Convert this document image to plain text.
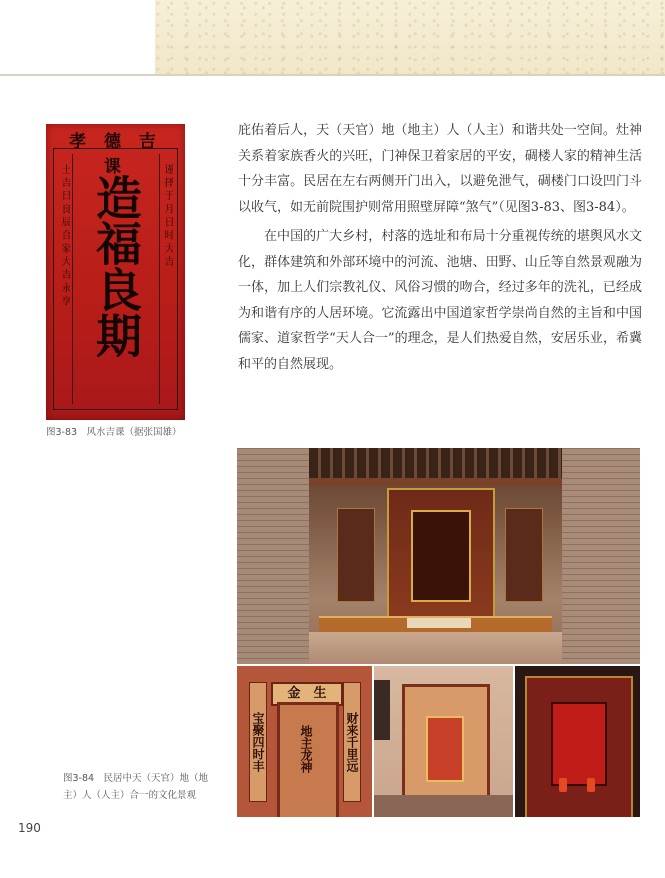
孝 德 吉 课
土 吉 日 良 辰 合 家 大 吉 永 享	谨 择 于 月 日 时 大 吉
造福良期
图3-83　风水吉课（据张国雄）

庇佑着后人，天（天官）地（地主）人（人主）和谐共处一空间。灶神关系着家族香火的兴旺，门神保卫着家居的平安，碉楼人家的精神生活十分丰富。民居在左右两侧开门出入，以避免泄气，碉楼门口设凹门斗以收气，如无前院围护则常用照壁屏障“煞气”（见图3-83、图3-84）。

在中国的广大乡村，村落的选址和布局十分重视传统的堪舆风水文化，群体建筑和外部环境中的河流、池塘、田野、山丘等自然景观融为一体，加上人们宗教礼仪、风俗习惯的吻合，经过多年的洗礼，已经成为和谐有序的人居环境。它流露出中国道家哲学崇尚自然的主旨和中国儒家、道家哲学“天人合一”的理念，是人们热爱自然，安居乐业，希冀和平的自然展现。

金　生
宝聚四时丰	财来千里远
地主龙神
图3-84　民居中天（天官）地（地
主）人（人主）合一的文化景观
190
